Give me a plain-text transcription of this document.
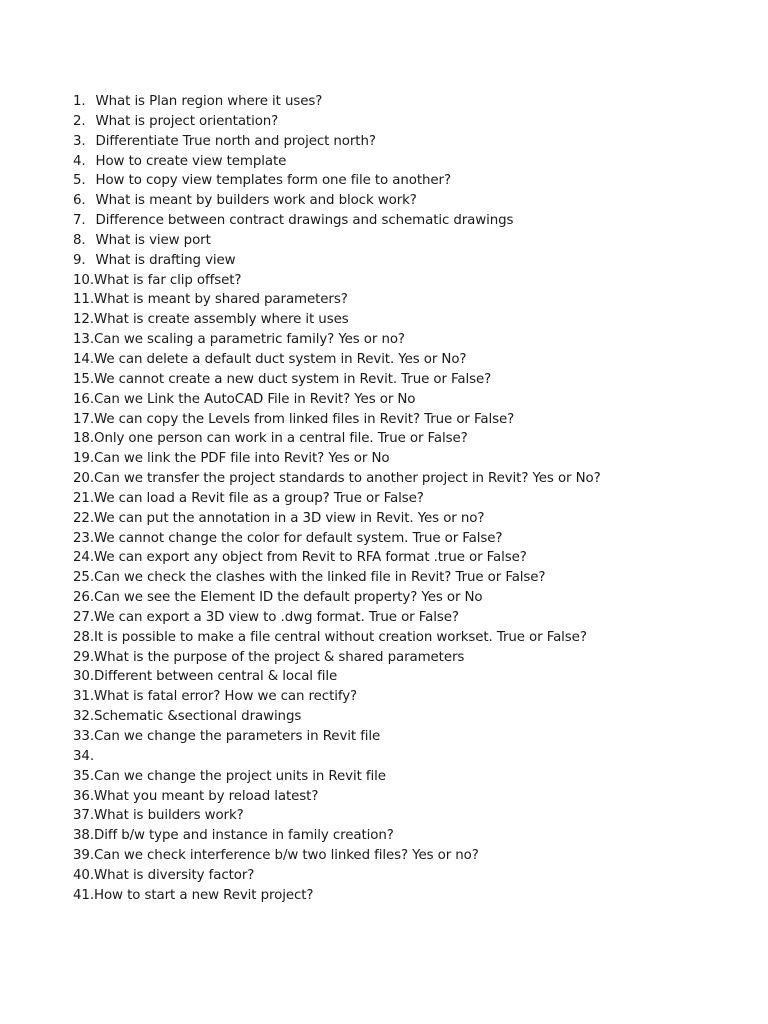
1. What is Plan region where it uses?
2. What is project orientation?
3. Differentiate True north and project north?
4. How to create view template
5. How to copy view templates form one file to another?
6. What is meant by builders work and block work?
7. Difference between contract drawings and schematic drawings
8. What is view port
9. What is drafting view
10.What is far clip offset?
11.What is meant by shared parameters?
12.What is create assembly where it uses
13.Can we scaling a parametric family? Yes or no?
14.We can delete a default duct system in Revit. Yes or No?
15.We cannot create a new duct system in Revit. True or False?
16.Can we Link the AutoCAD File in Revit? Yes or No
17.We can copy the Levels from linked files in Revit? True or False?
18.Only one person can work in a central file. True or False?
19.Can we link the PDF file into Revit? Yes or No
20.Can we transfer the project standards to another project in Revit? Yes or No?
21.We can load a Revit file as a group? True or False?
22.We can put the annotation in a 3D view in Revit. Yes or no?
23.We cannot change the color for default system. True or False?
24.We can export any object from Revit to RFA format .true or False?
25.Can we check the clashes with the linked file in Revit? True or False?
26.Can we see the Element ID the default property? Yes or No
27.We can export a 3D view to .dwg format. True or False?
28.It is possible to make a file central without creation workset. True or False?
29.What is the purpose of the project & shared parameters
30.Different between central & local file
31.What is fatal error? How we can rectify?
32.Schematic &sectional drawings
33.Can we change the parameters in Revit file
34.
35.Can we change the project units in Revit file
36.What you meant by reload latest?
37.What is builders work?
38.Diff b/w type and instance in family creation?
39.Can we check interference b/w two linked files? Yes or no?
40.What is diversity factor?
41.How to start a new Revit project?
